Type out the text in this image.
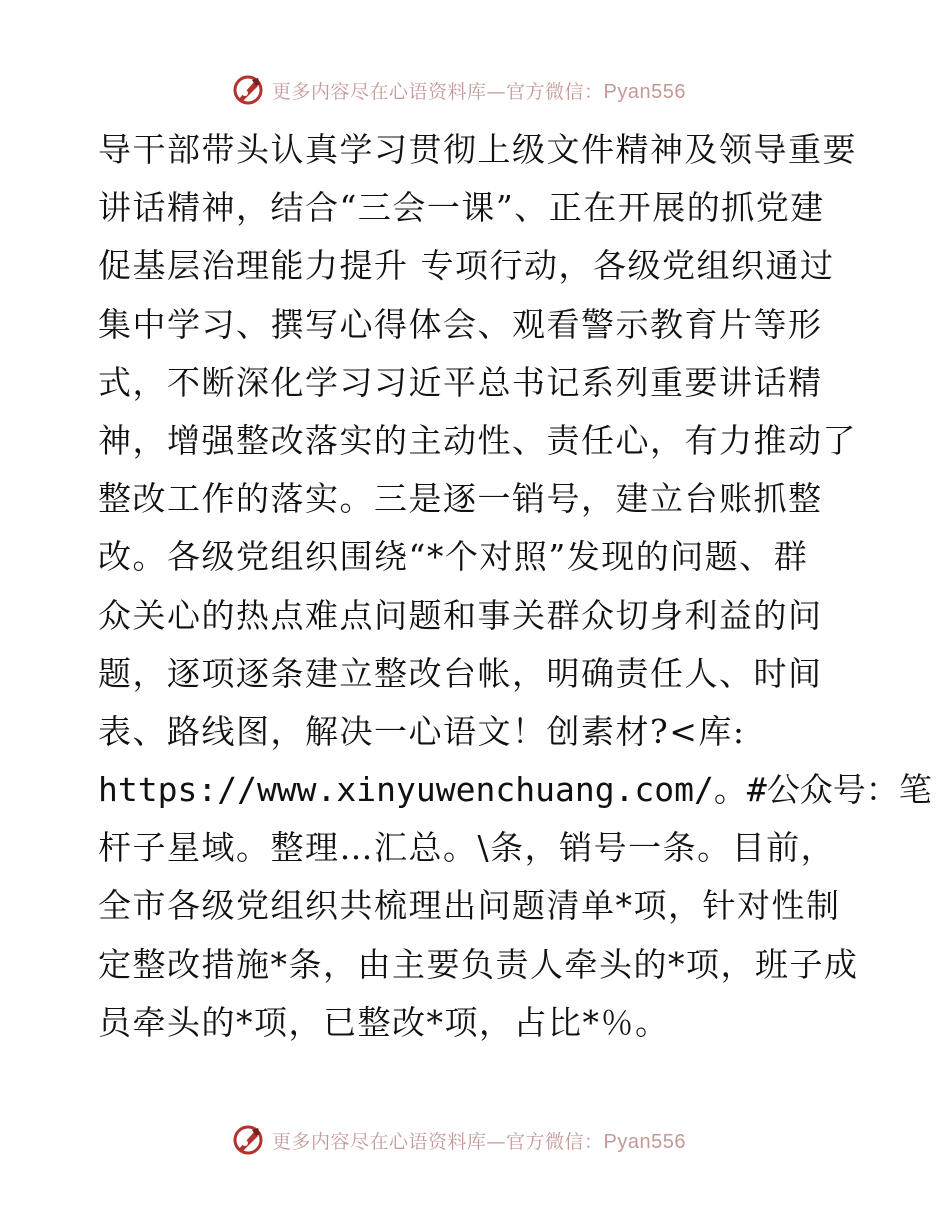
更多内容尽在心语资料库—官方微信：Pyan556
导干部带头认真学习贯彻上级文件精神及领导重要
讲话精神，结合“三会一课”、正在开展的抓党建
促基层治理能力提升 专项行动，各级党组织通过
集中学习、撰写心得体会、观看警示教育片等形
式，不断深化学习习近平总书记系列重要讲话精
神，增强整改落实的主动性、责任心，有力推动了
整改工作的落实。三是逐一销号，建立台账抓整
改。各级党组织围绕“*个对照”发现的问题、群
众关心的热点难点问题和事关群众切身利益的问
题，逐项逐条建立整改台帐，明确责任人、时间
表、路线图，解决一心语文！创素材?<库:
https://www.xinyuwenchuang.com/。#公众号：笔
杆子星域。整理…汇总。\条，销号一条。目前，
全市各级党组织共梳理出问题清单*项，针对性制
定整改措施*条，由主要负责人牵头的*项，班子成
员牵头的*项，已整改*项，占比*％。
更多内容尽在心语资料库—官方微信：Pyan556
